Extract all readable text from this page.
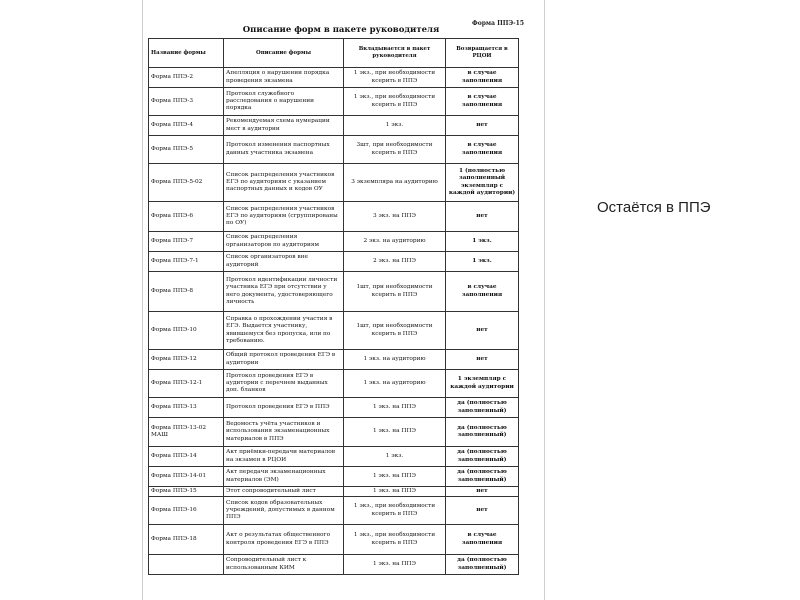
Форма ППЭ-15
Описание форм в пакете руководителя
Название формы	Описание формы	Вкладывается в пакет руководителя	Возвращается в РЦОИ
Форма ППЭ-2	Апелляция о нарушении порядка проведения экзамена	1 экз., при необходимости ксерить в ППЭ	в случае заполнения
Форма ППЭ-3	Протокол служебного расследования о нарушении порядка	1 экз., при необходимости ксерить в ППЭ	в случае заполнения
Форма ППЭ-4	Рекомендуемая схема нумерации мест в аудитории	1 экз.	нет
Форма ППЭ-5	Протокол изменения паспортных данных участника экзамена	3шт, при необходимости ксерить в ППЭ	в случае заполнения
Форма ППЭ-5-02	Список распределения участников ЕГЭ по аудиториям с указанием паспортных данных и кодов ОУ	3 экземпляра на аудиторию	1 (полностью заполненный экземпляр с каждой аудитории)
Форма ППЭ-6	Список распределения участников ЕГЭ по аудиториям (сгруппированы по ОУ)	3 экз. на ППЭ	нет
Форма ППЭ-7	Список распределения организаторов по аудиториям	2 экз. на аудиторию	1 экз.
Форма ППЭ-7-1	Список организаторов вне аудиторий	2 экз. на ППЭ	1 экз.
Форма ППЭ-8	Протокол идентификации личности участника ЕГЭ при отсутствии у него документа, удостоверяющего личность	1шт, при необходимости ксерить в ППЭ	в случае заполнения
Форма ППЭ-10	Справка о прохождении участия в ЕГЭ. Выдается участнику, явившемуся без пропуска, или по требованию.	1шт, при необходимости ксерить в ППЭ	нет
Форма ППЭ-12	Общий протокол проведения ЕГЭ в аудитории	1 экз. на аудиторию	нет
Форма ППЭ-12-1	Протокол проведения ЕГЭ в аудитории с перечнем выданных доп. бланков	1 экз. на аудиторию	1 экземпляр с каждой аудитории
Форма ППЭ-13	Протокол проведения ЕГЭ в ППЭ	1 экз. на ППЭ	да (полностью заполненный)
Форма ППЭ-13-02 МАШ	Ведомость учёта участников и использования экзаменационных материалов в ППЭ	1 экз. на ППЭ	да (полностью заполненный)
Форма ППЭ-14	Акт приёмки-передачи материалов на экзамен в РЦОИ	1 экз.	да (полностью заполненный)
Форма ППЭ-14-01	Акт передачи экзаменационных материалов (ЭМ)	1 экз. на ППЭ	да (полностью заполненный)
Форма ППЭ-15	Этот сопроводительный лист	1 экз. на ППЭ	нет
Форма ППЭ-16	Список кодов образовательных учреждений, допустимых в данном ППЭ	1 экз., при необходимости ксерить в ППЭ	нет
Форма ППЭ-18	Акт о результатах общественного контроля проведения ЕГЭ в ППЭ	1 экз., при необходимости ксерить в ППЭ	в случае заполнения
	Сопроводительный лист к использованным КИМ	1 экз. на ППЭ	да (полностью заполненный)
Остаётся в ППЭ
